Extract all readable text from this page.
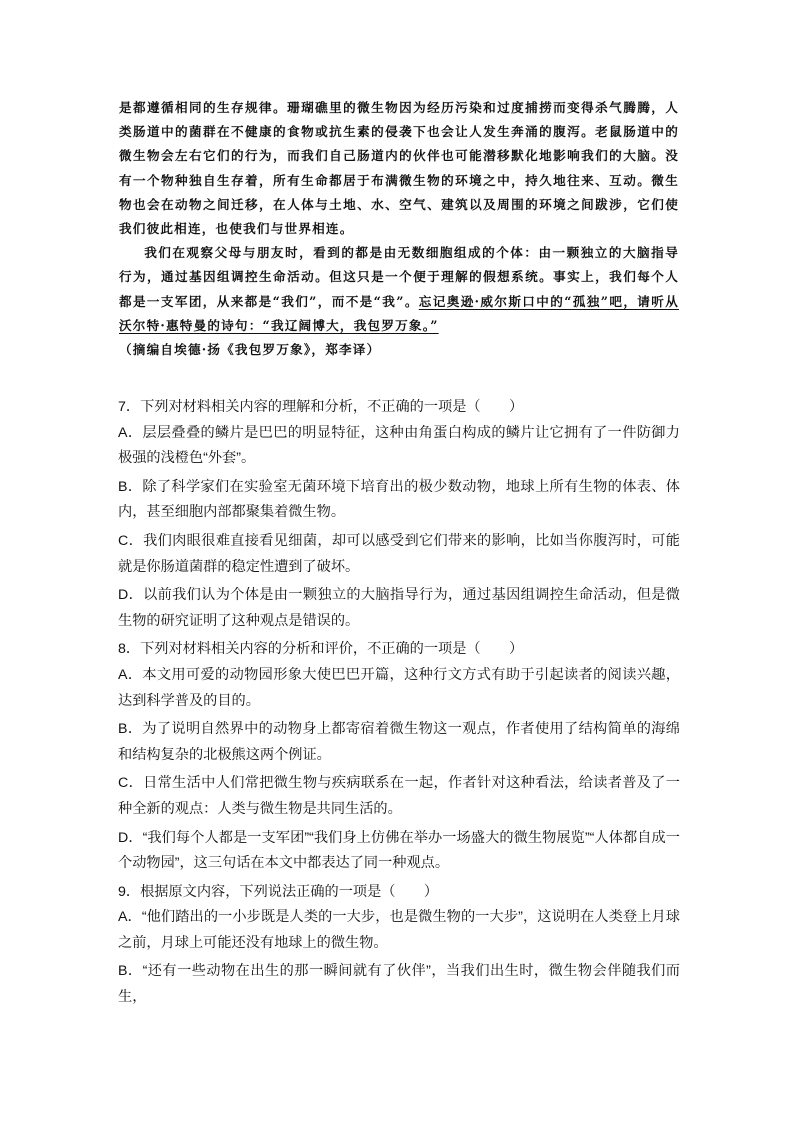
是都遵循相同的生存规律。珊瑚礁里的微生物因为经历污染和过度捕捞而变得杀气腾腾，人类肠道中的菌群在不健康的食物或抗生素的侵袭下也会让人发生奔涌的腹泻。老鼠肠道中的微生物会左右它们的行为，而我们自己肠道内的伙伴也可能潜移默化地影响我们的大脑。没有一个物种独自生存着，所有生命都居于布满微生物的环境之中，持久地往来、互动。微生物也会在动物之间迁移，在人体与土地、水、空气、建筑以及周围的环境之间跋涉，它们使我们彼此相连，也使我们与世界相连。

我们在观察父母与朋友时，看到的都是由无数细胞组成的个体：由一颗独立的大脑指导行为，通过基因组调控生命活动。但这只是一个便于理解的假想系统。事实上，我们每个人都是一支军团，从来都是“我们”，而不是“我”。忘记奥逊·威尔斯口中的“孤独”吧，请听从沃尔特·惠特曼的诗句：“我辽阔博大，我包罗万象。”

（摘编自埃德·扬《我包罗万象》，郑李译）

7．下列对材料相关内容的理解和分析，不正确的一项是（　　）

A．层层叠叠的鳞片是巴巴的明显特征，这种由角蛋白构成的鳞片让它拥有了一件防御力极强的浅橙色“外套”。

B．除了科学家们在实验室无菌环境下培育出的极少数动物，地球上所有生物的体表、体内，甚至细胞内部都聚集着微生物。

C．我们肉眼很难直接看见细菌，却可以感受到它们带来的影响，比如当你腹泻时，可能就是你肠道菌群的稳定性遭到了破坏。

D．以前我们认为个体是由一颗独立的大脑指导行为，通过基因组调控生命活动，但是微生物的研究证明了这种观点是错误的。

8．下列对材料相关内容的分析和评价，不正确的一项是（　　）

A．本文用可爱的动物园形象大使巴巴开篇，这种行文方式有助于引起读者的阅读兴趣，达到科学普及的目的。

B．为了说明自然界中的动物身上都寄宿着微生物这一观点，作者使用了结构简单的海绵和结构复杂的北极熊这两个例证。

C．日常生活中人们常把微生物与疾病联系在一起，作者针对这种看法，给读者普及了一种全新的观点：人类与微生物是共同生活的。

D．“我们每个人都是一支军团”“我们身上仿佛在举办一场盛大的微生物展览”“人体都自成一个动物园”，这三句话在本文中都表达了同一种观点。

9．根据原文内容，下列说法正确的一项是（　　）

A．“他们踏出的一小步既是人类的一大步，也是微生物的一大步”，这说明在人类登上月球之前，月球上可能还没有地球上的微生物。

B．“还有一些动物在出生的那一瞬间就有了伙伴”，当我们出生时，微生物会伴随我们而生，
